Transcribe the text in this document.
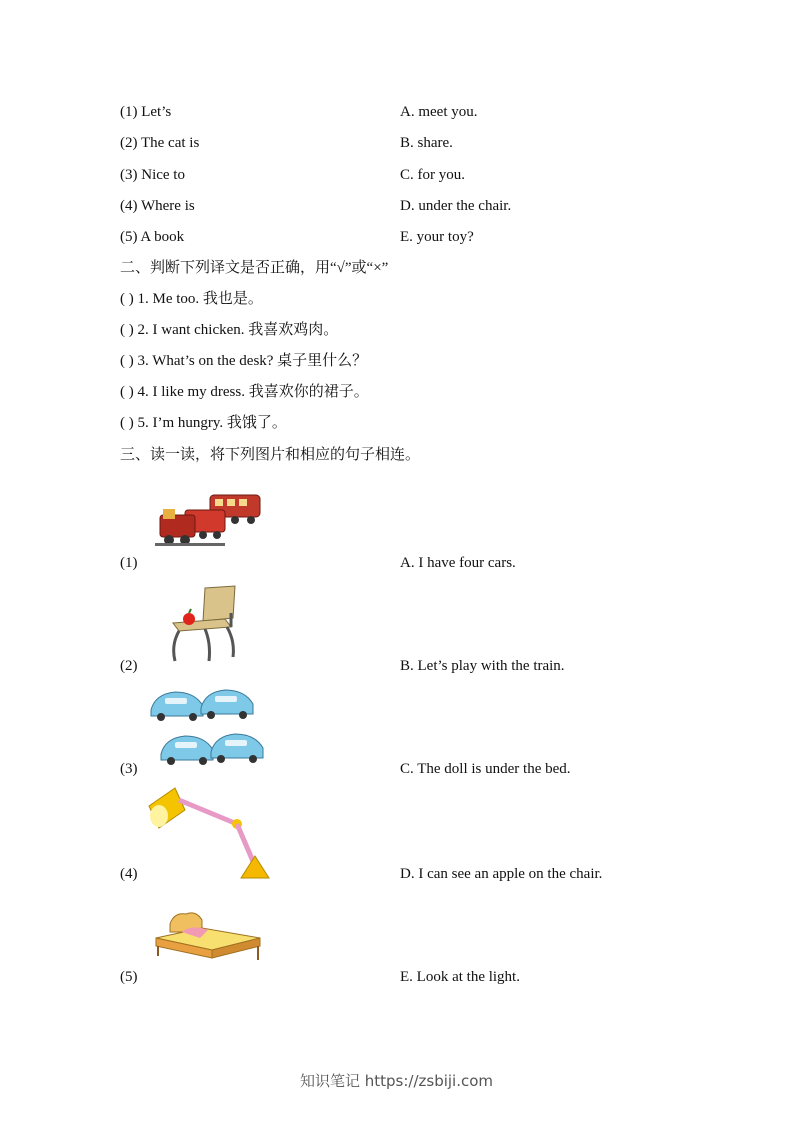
(1) Let’s	A. meet you.
(2) The cat is	B. share.
(3) Nice to	C. for you.
(4) Where is	D. under the chair.
(5) A book	E. your toy?
二、判断下列译文是否正确，用“√”或“×”
( ) 1. Me too. 我也是。
( ) 2. I want chicken. 我喜欢鸡肉。
( ) 3. What’s on the desk? 桌子里什么？
( ) 4. I like my dress. 我喜欢你的裙子。
( ) 5. I’m hungry. 我饿了。
三、读一读，将下列图片和相应的句子相连。
(1)	A. I have four cars.
(2)	B. Let’s play with the train.
(3)	C. The doll is under the bed.
(4)	D. I can see an apple on the chair.
(5)	E. Look at the light.
知识笔记 https://zsbiji.com
